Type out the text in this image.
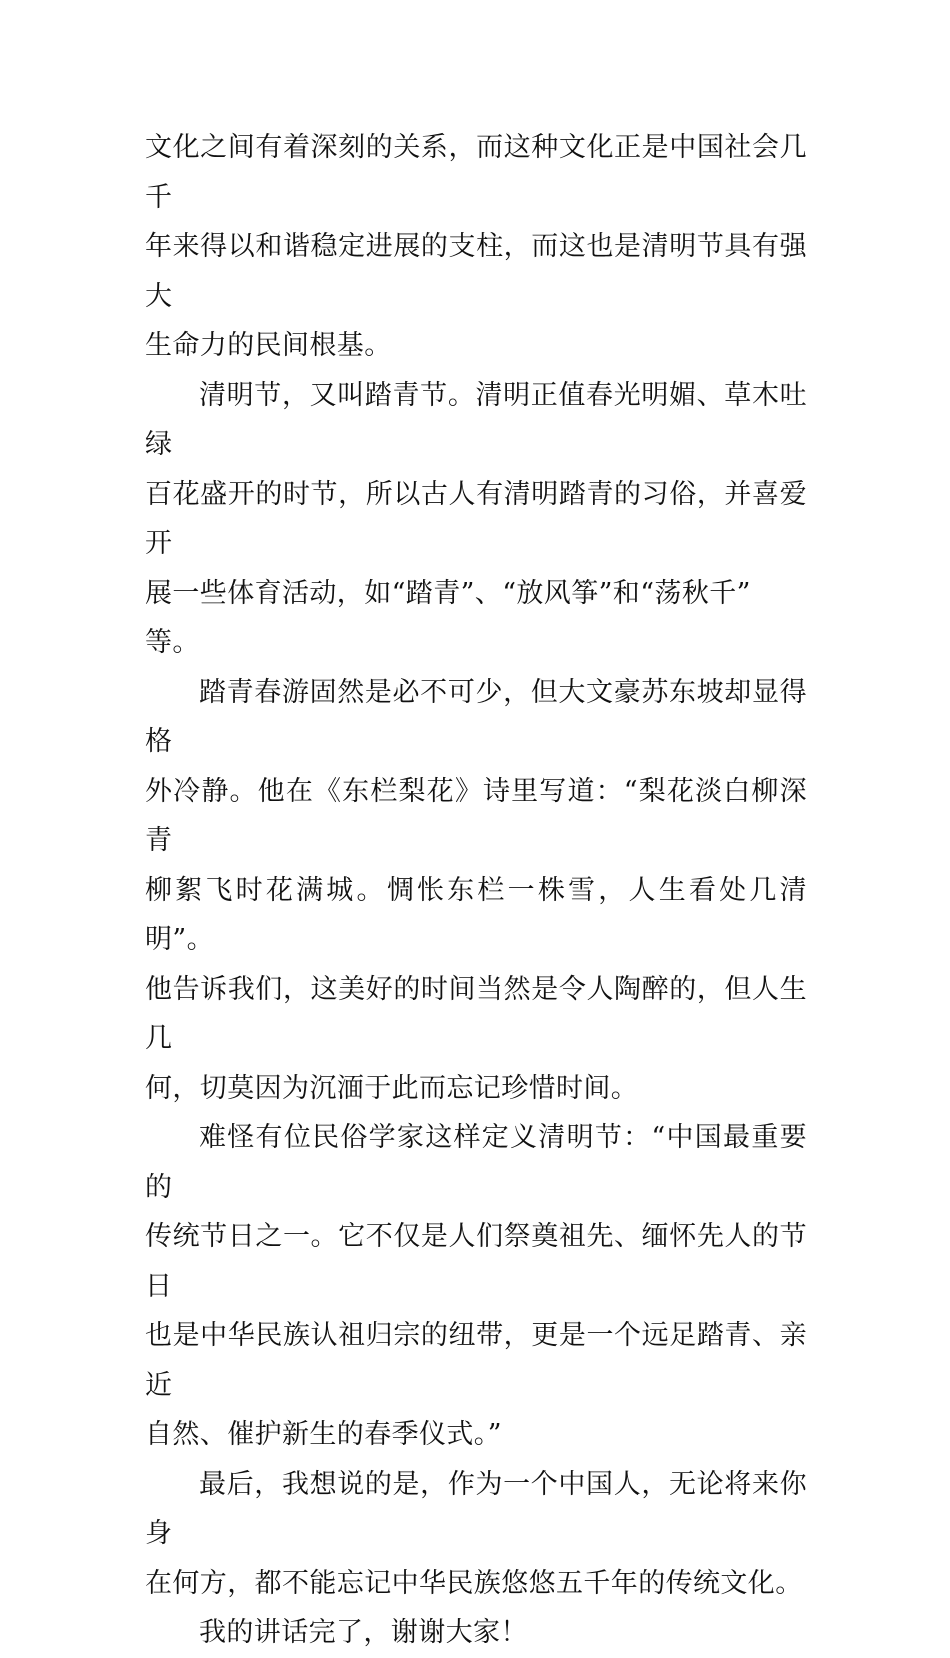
文化之间有着深刻的关系，而这种文化正是中国社会几千
年来得以和谐稳定进展的支柱，而这也是清明节具有强大
生命力的民间根基。

清明节，又叫踏青节。清明正值春光明媚、草木吐绿
百花盛开的时节，所以古人有清明踏青的习俗，并喜爱开
展一些体育活动，如“踏青”、“放风筝”和“荡秋千”
等。

踏青春游固然是必不可少，但大文豪苏东坡却显得格
外冷静。他在《东栏梨花》诗里写道：“梨花淡白柳深青
柳絮飞时花满城。惆怅东栏一株雪，人生看处几清明”。
他告诉我们，这美好的时间当然是令人陶醉的，但人生几
何，切莫因为沉湎于此而忘记珍惜时间。

难怪有位民俗学家这样定义清明节：“中国最重要的
传统节日之一。它不仅是人们祭奠祖先、缅怀先人的节日
也是中华民族认祖归宗的纽带，更是一个远足踏青、亲近
自然、催护新生的春季仪式。”

最后，我想说的是，作为一个中国人，无论将来你身
在何方，都不能忘记中华民族悠悠五千年的传统文化。

我的讲话完了，谢谢大家！
